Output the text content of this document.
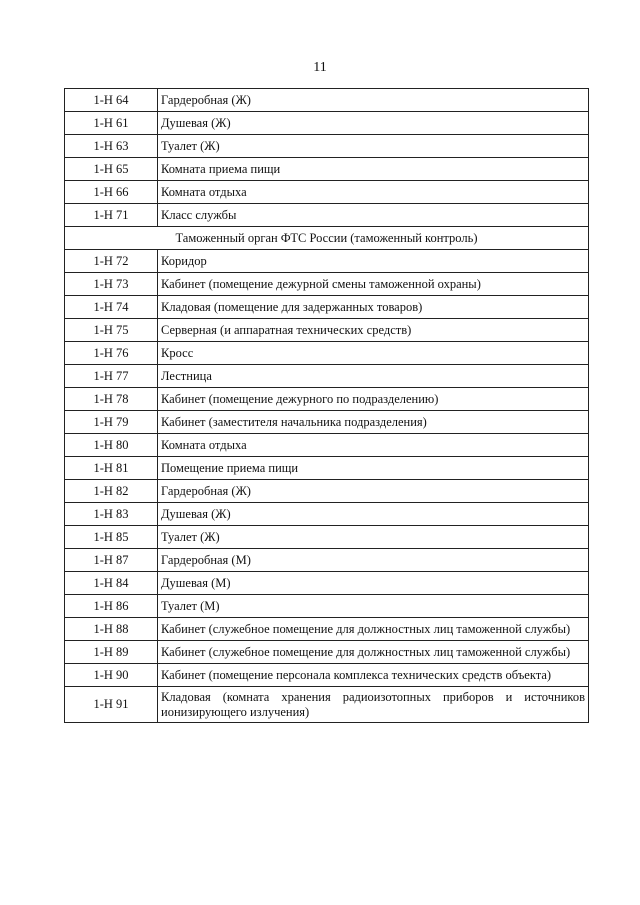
11
1-Н 64	Гардеробная (Ж)
1-Н 61	Душевая (Ж)
1-Н 63	Туалет (Ж)
1-Н 65	Комната приема пищи
1-Н 66	Комната отдыха
1-Н 71	Класс службы
Таможенный орган ФТС России (таможенный контроль)	
1-Н 72	Коридор
1-Н 73	Кабинет (помещение дежурной смены таможенной охраны)
1-Н 74	Кладовая (помещение для задержанных товаров)
1-Н 75	Серверная (и аппаратная технических средств)
1-Н 76	Кросс
1-Н 77	Лестница
1-Н 78	Кабинет (помещение дежурного по подразделению)
1-Н 79	Кабинет (заместителя начальника подразделения)
1-Н 80	Комната отдыха
1-Н 81	Помещение приема пищи
1-Н 82	Гардеробная (Ж)
1-Н 83	Душевая (Ж)
1-Н 85	Туалет (Ж)
1-Н 87	Гардеробная (М)
1-Н 84	Душевая (М)
1-Н 86	Туалет (М)
1-Н 88	Кабинет (служебное помещение для должностных лиц таможенной службы)
1-Н 89	Кабинет (служебное помещение для должностных лиц таможенной службы)
1-Н 90	Кабинет (помещение персонала комплекса технических средств объекта)
1-Н 91	Кладовая (комната хранения радиоизотопных приборов и источников ионизирующего излучения)
